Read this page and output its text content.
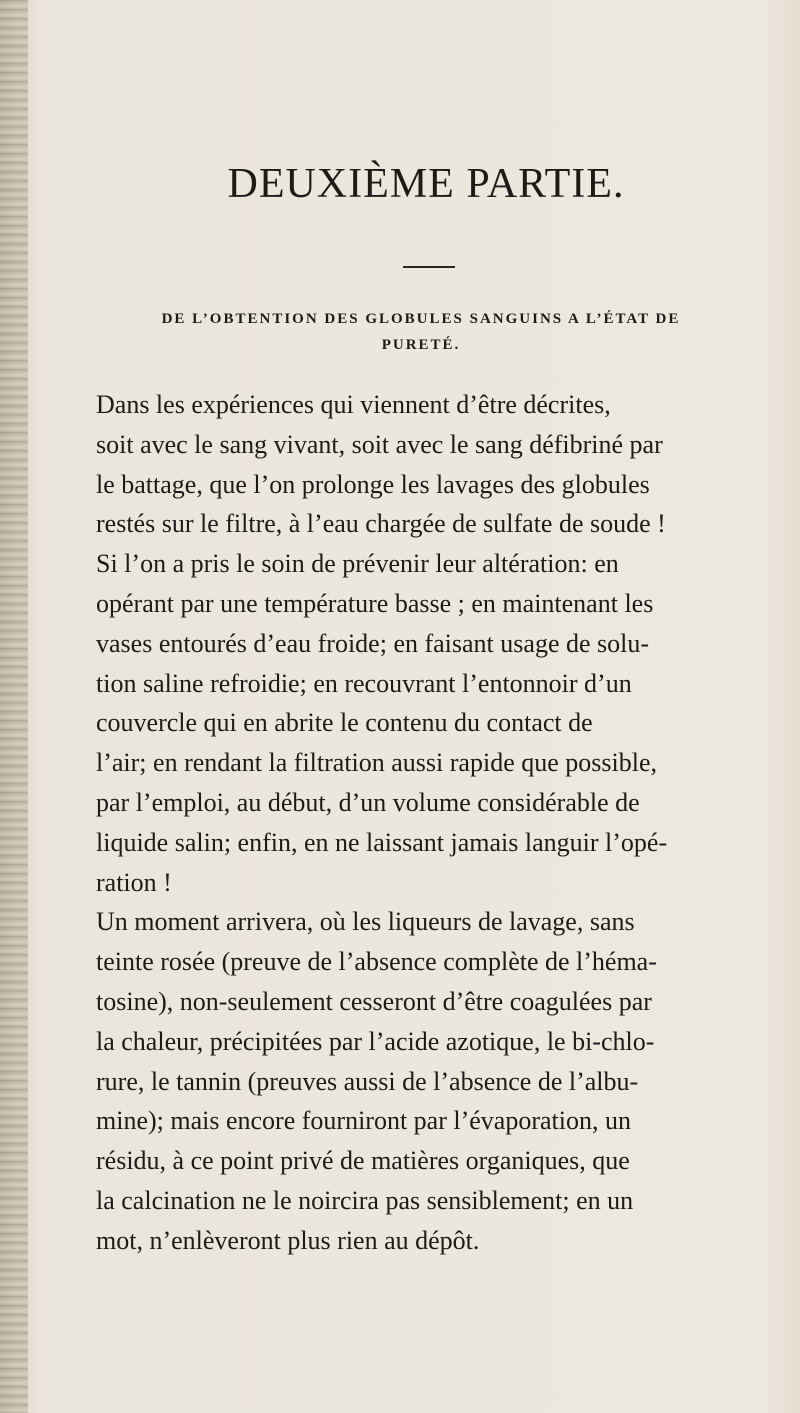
DEUXIÈME PARTIE.
DE L’OBTENTION DES GLOBULES SANGUINS A L’ÉTAT DE
PURETÉ.

Dans les expériences qui viennent d’être décrites,
soit avec le sang vivant, soit avec le sang défibriné par
le battage, que l’on prolonge les lavages des globules
restés sur le filtre, à l’eau chargée de sulfate de soude !

Si l’on a pris le soin de prévenir leur altération: en
opérant par une température basse ; en maintenant les
vases entourés d’eau froide; en faisant usage de solu-
tion saline refroidie; en recouvrant l’entonnoir d’un
couvercle qui en abrite le contenu du contact de
l’air; en rendant la filtration aussi rapide que possible,
par l’emploi, au début, d’un volume considérable de
liquide salin; enfin, en ne laissant jamais languir l’opé-
ration !

Un moment arrivera, où les liqueurs de lavage, sans
teinte rosée (preuve de l’absence complète de l’héma-
tosine), non-seulement cesseront d’être coagulées par
la chaleur, précipitées par l’acide azotique, le bi-chlo-
rure, le tannin (preuves aussi de l’absence de l’albu-
mine); mais encore fourniront par l’évaporation, un
résidu, à ce point privé de matières organiques, que
la calcination ne le noircira pas sensiblement; en un
mot, n’enlèveront plus rien au dépôt.
